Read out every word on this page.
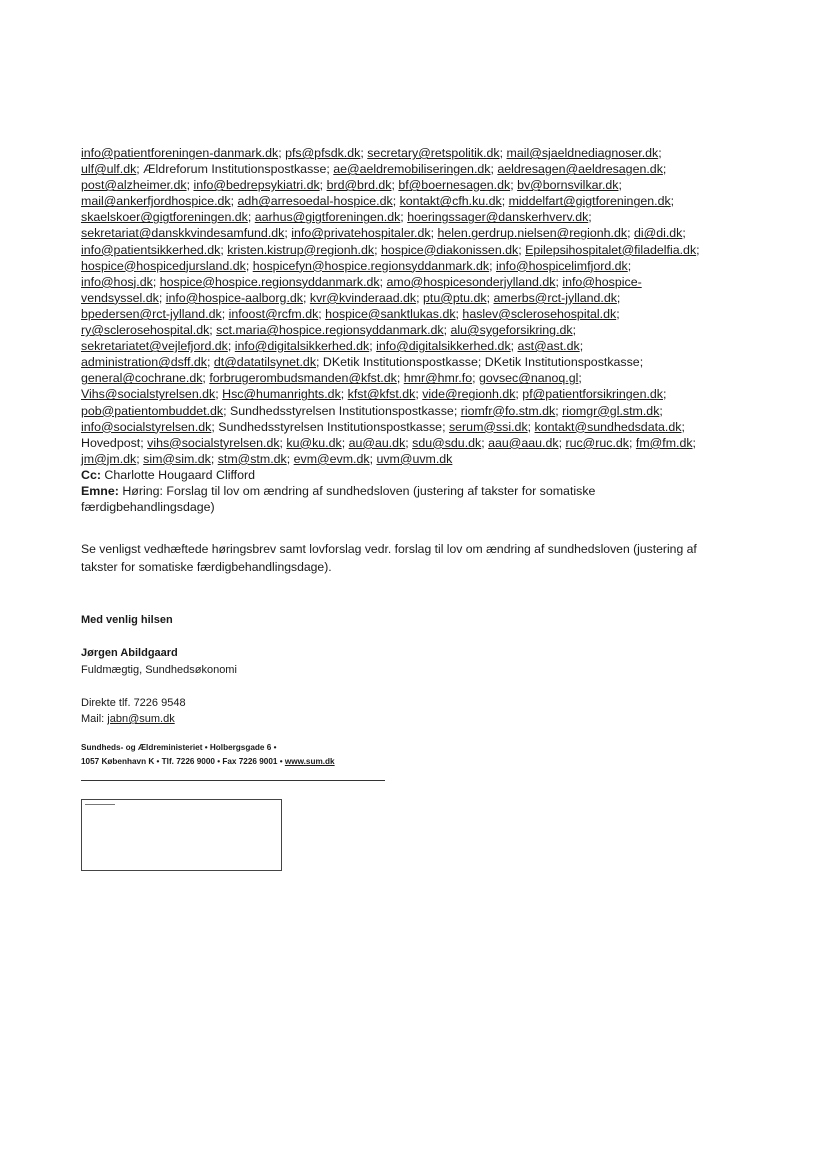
info@patientforeningen-danmark.dk; pfs@pfsdk.dk; secretary@retspolitik.dk; mail@sjaeldnediagnoser.dk;
ulf@ulf.dk; Ældreforum Institutionspostkasse; ae@aeldremobiliseringen.dk; aeldresagen@aeldresagen.dk;
post@alzheimer.dk; info@bedrepsykiatri.dk; brd@brd.dk; bf@boernesagen.dk; bv@bornsvilkar.dk;
mail@ankerfjordhospice.dk; adh@arresoedal-hospice.dk; kontakt@cfh.ku.dk; middelfart@gigtforeningen.dk;
skaelskoer@gigtforeningen.dk; aarhus@gigtforeningen.dk; hoeringssager@danskerhverv.dk;
sekretariat@danskkvindesamfund.dk; info@privatehospitaler.dk; helen.gerdrup.nielsen@regionh.dk; di@di.dk;
info@patientsikkerhed.dk; kristen.kistrup@regionh.dk; hospice@diakonissen.dk; Epilepsihospitalet@filadelfia.dk;
hospice@hospicedjursland.dk; hospicefyn@hospice.regionsyddanmark.dk; info@hospicelimfjord.dk;
info@hosj.dk; hospice@hospice.regionsyddanmark.dk; amo@hospicesonderjylland.dk; info@hospice-
vendsyssel.dk; info@hospice-aalborg.dk; kvr@kvinderaad.dk; ptu@ptu.dk; amerbs@rct-jylland.dk;
bpedersen@rct-jylland.dk; infoost@rcfm.dk; hospice@sanktlukas.dk; haslev@sclerosehospital.dk;
ry@sclerosehospital.dk; sct.maria@hospice.regionsyddanmark.dk; alu@sygeforsikring.dk;
sekretariatet@vejlefjord.dk; info@digitalsikkerhed.dk; info@digitalsikkerhed.dk; ast@ast.dk;
administration@dsff.dk; dt@datatilsynet.dk; DKetik Institutionspostkasse; DKetik Institutionspostkasse;
general@cochrane.dk; forbrugerombudsmanden@kfst.dk; hmr@hmr.fo; govsec@nanoq.gl;
Vihs@socialstyrelsen.dk; Hsc@humanrights.dk; kfst@kfst.dk; vide@regionh.dk; pf@patientforsikringen.dk;
pob@patientombuddet.dk; Sundhedsstyrelsen Institutionspostkasse; riomfr@fo.stm.dk; riomgr@gl.stm.dk;
info@socialstyrelsen.dk; Sundhedsstyrelsen Institutionspostkasse; serum@ssi.dk; kontakt@sundhedsdata.dk;
Hovedpost; vihs@socialstyrelsen.dk; ku@ku.dk; au@au.dk; sdu@sdu.dk; aau@aau.dk; ruc@ruc.dk; fm@fm.dk;
jm@jm.dk; sim@sim.dk; stm@stm.dk; evm@evm.dk; uvm@uvm.dk
Cc: Charlotte Hougaard Clifford
Emne: Høring: Forslag til lov om ændring af sundhedsloven (justering af takster for somatiske færdigbehandlingsdage)
Se venligst vedhæftede høringsbrev samt lovforslag vedr. forslag til lov om ændring af sundhedsloven (justering af takster for somatiske færdigbehandlingsdage).
Med venlig hilsen
Jørgen Abildgaard
Fuldmægtig, Sundhedsøkonomi
Direkte tlf. 7226 9548
Mail: jabn@sum.dk
Sundheds- og Ældreministeriet • Holbergsgade 6 •
1057 København K • Tlf. 7226 9000 • Fax 7226 9001 • www.sum.dk
